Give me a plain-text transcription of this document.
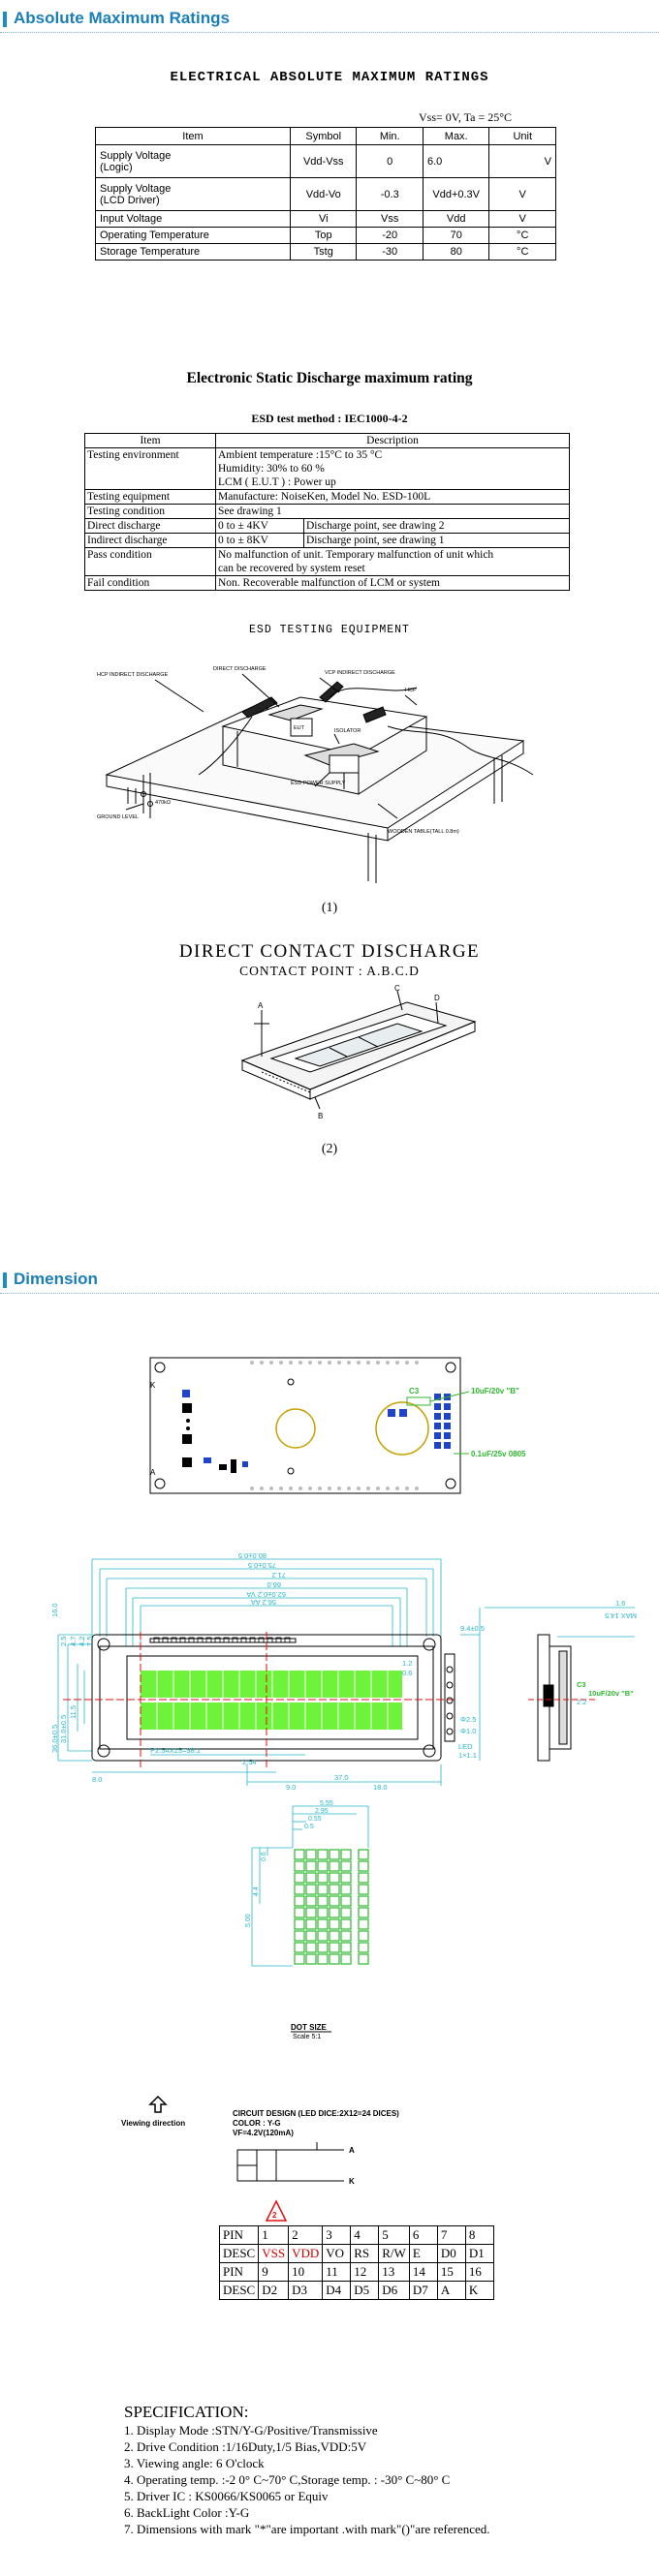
Absolute Maximum Ratings
ELECTRICAL ABSOLUTE MAXIMUM RATINGS
Vss= 0V, Ta = 25°C
Item	Symbol	Min.	Max.	Unit
Supply Voltage
(Logic)	Vdd-Vss	0	6.0	V
Supply Voltage
(LCD Driver)	Vdd-Vo	-0.3	Vdd+0.3V	V
Input Voltage	Vi	Vss	Vdd	V
Operating Temperature	Top	-20	70	°C
Storage Temperature	Tstg	-30	80	°C
Electronic Static Discharge maximum rating
ESD test method : IEC1000-4-2
Item	Description	
Testing environment	Ambient temperature :15°C to 35 °C
Humidity: 30% to 60 %
LCM ( E.U.T ) : Power up	

Testing equipment	Manufacture: NoiseKen, Model No. ESD-100L	
Testing condition	See drawing 1	
Direct discharge	0 to ± 4KV	Discharge point, see drawing 2
Indirect discharge	0 to ± 8KV	Discharge point, see drawing 1
Pass condition	No malfunction of unit. Temporary malfunction of unit which
can be recovered by system reset	

Fail condition	Non. Recoverable malfunction of LCM or system	
ESD TESTING EQUIPMENT
HCP INDIRECT DISCHARGE
DIRECT DISCHARGE
VCP INDIRECT DISCHARGE
HCP
ISOLATOR
ESD POWER SUPPLY
WOODEN TABLE(TALL 0.8m)
GROUND LEVEL
470kΩ
EUT
(1)
DIRECT CONTACT DISCHARGE
CONTACT POINT : A.B.C.D
A
B
C
D
(2)
Dimension
K
A
C3	10uF/20v "B"
0.1uF/25v 0805
80.0±0.5
75.0±0.5
71.2
66.0
62.0±0.2 VA
56.2 AA
16.0
36.0±0.5 31.0±0.5
11.5
2.5 4.7 4.2 7.5
P2.54X15=38.1
2.54
8.0	37.0
18.0
9.0
9.4±0.5
Φ2.5
Φ1.0
LED
1×1.1
1.6
2.2
MAX 14.5
1.2
0.6
C3
10uF/20v "B"
5.55
2.95
0.55
0.5
0.6
5.00
4.4
DOT SIZE
Scale 5:1
2
Viewing direction
CIRCUIT DESIGN (LED DICE:2X12=24 DICES)
COLOR : Y-G
VF=4.2V(120mA)
A
K
PIN	1	2	3	4	5	6	7	8
DESC	VSS	VDD	VO	RS	R/W	E	D0	D1
PIN	9	10	11	12	13	14	15	16
DESC	D2	D3	D4	D5	D6	D7	A	K
SPECIFICATION:
1. Display Mode :STN/Y-G/Positive/Transmissive
2. Drive Condition :1/16Duty,1/5 Bias,VDD:5V
3. Viewing angle: 6 O'clock
4. Operating temp. :-2 0° C~70° C,Storage temp. : -30° C~80° C
5. Driver IC : KS0066/KS0065 or Equiv
6. BackLight Color :Y-G
7. Dimensions with mark "*"are important .with mark"()"are referenced.
